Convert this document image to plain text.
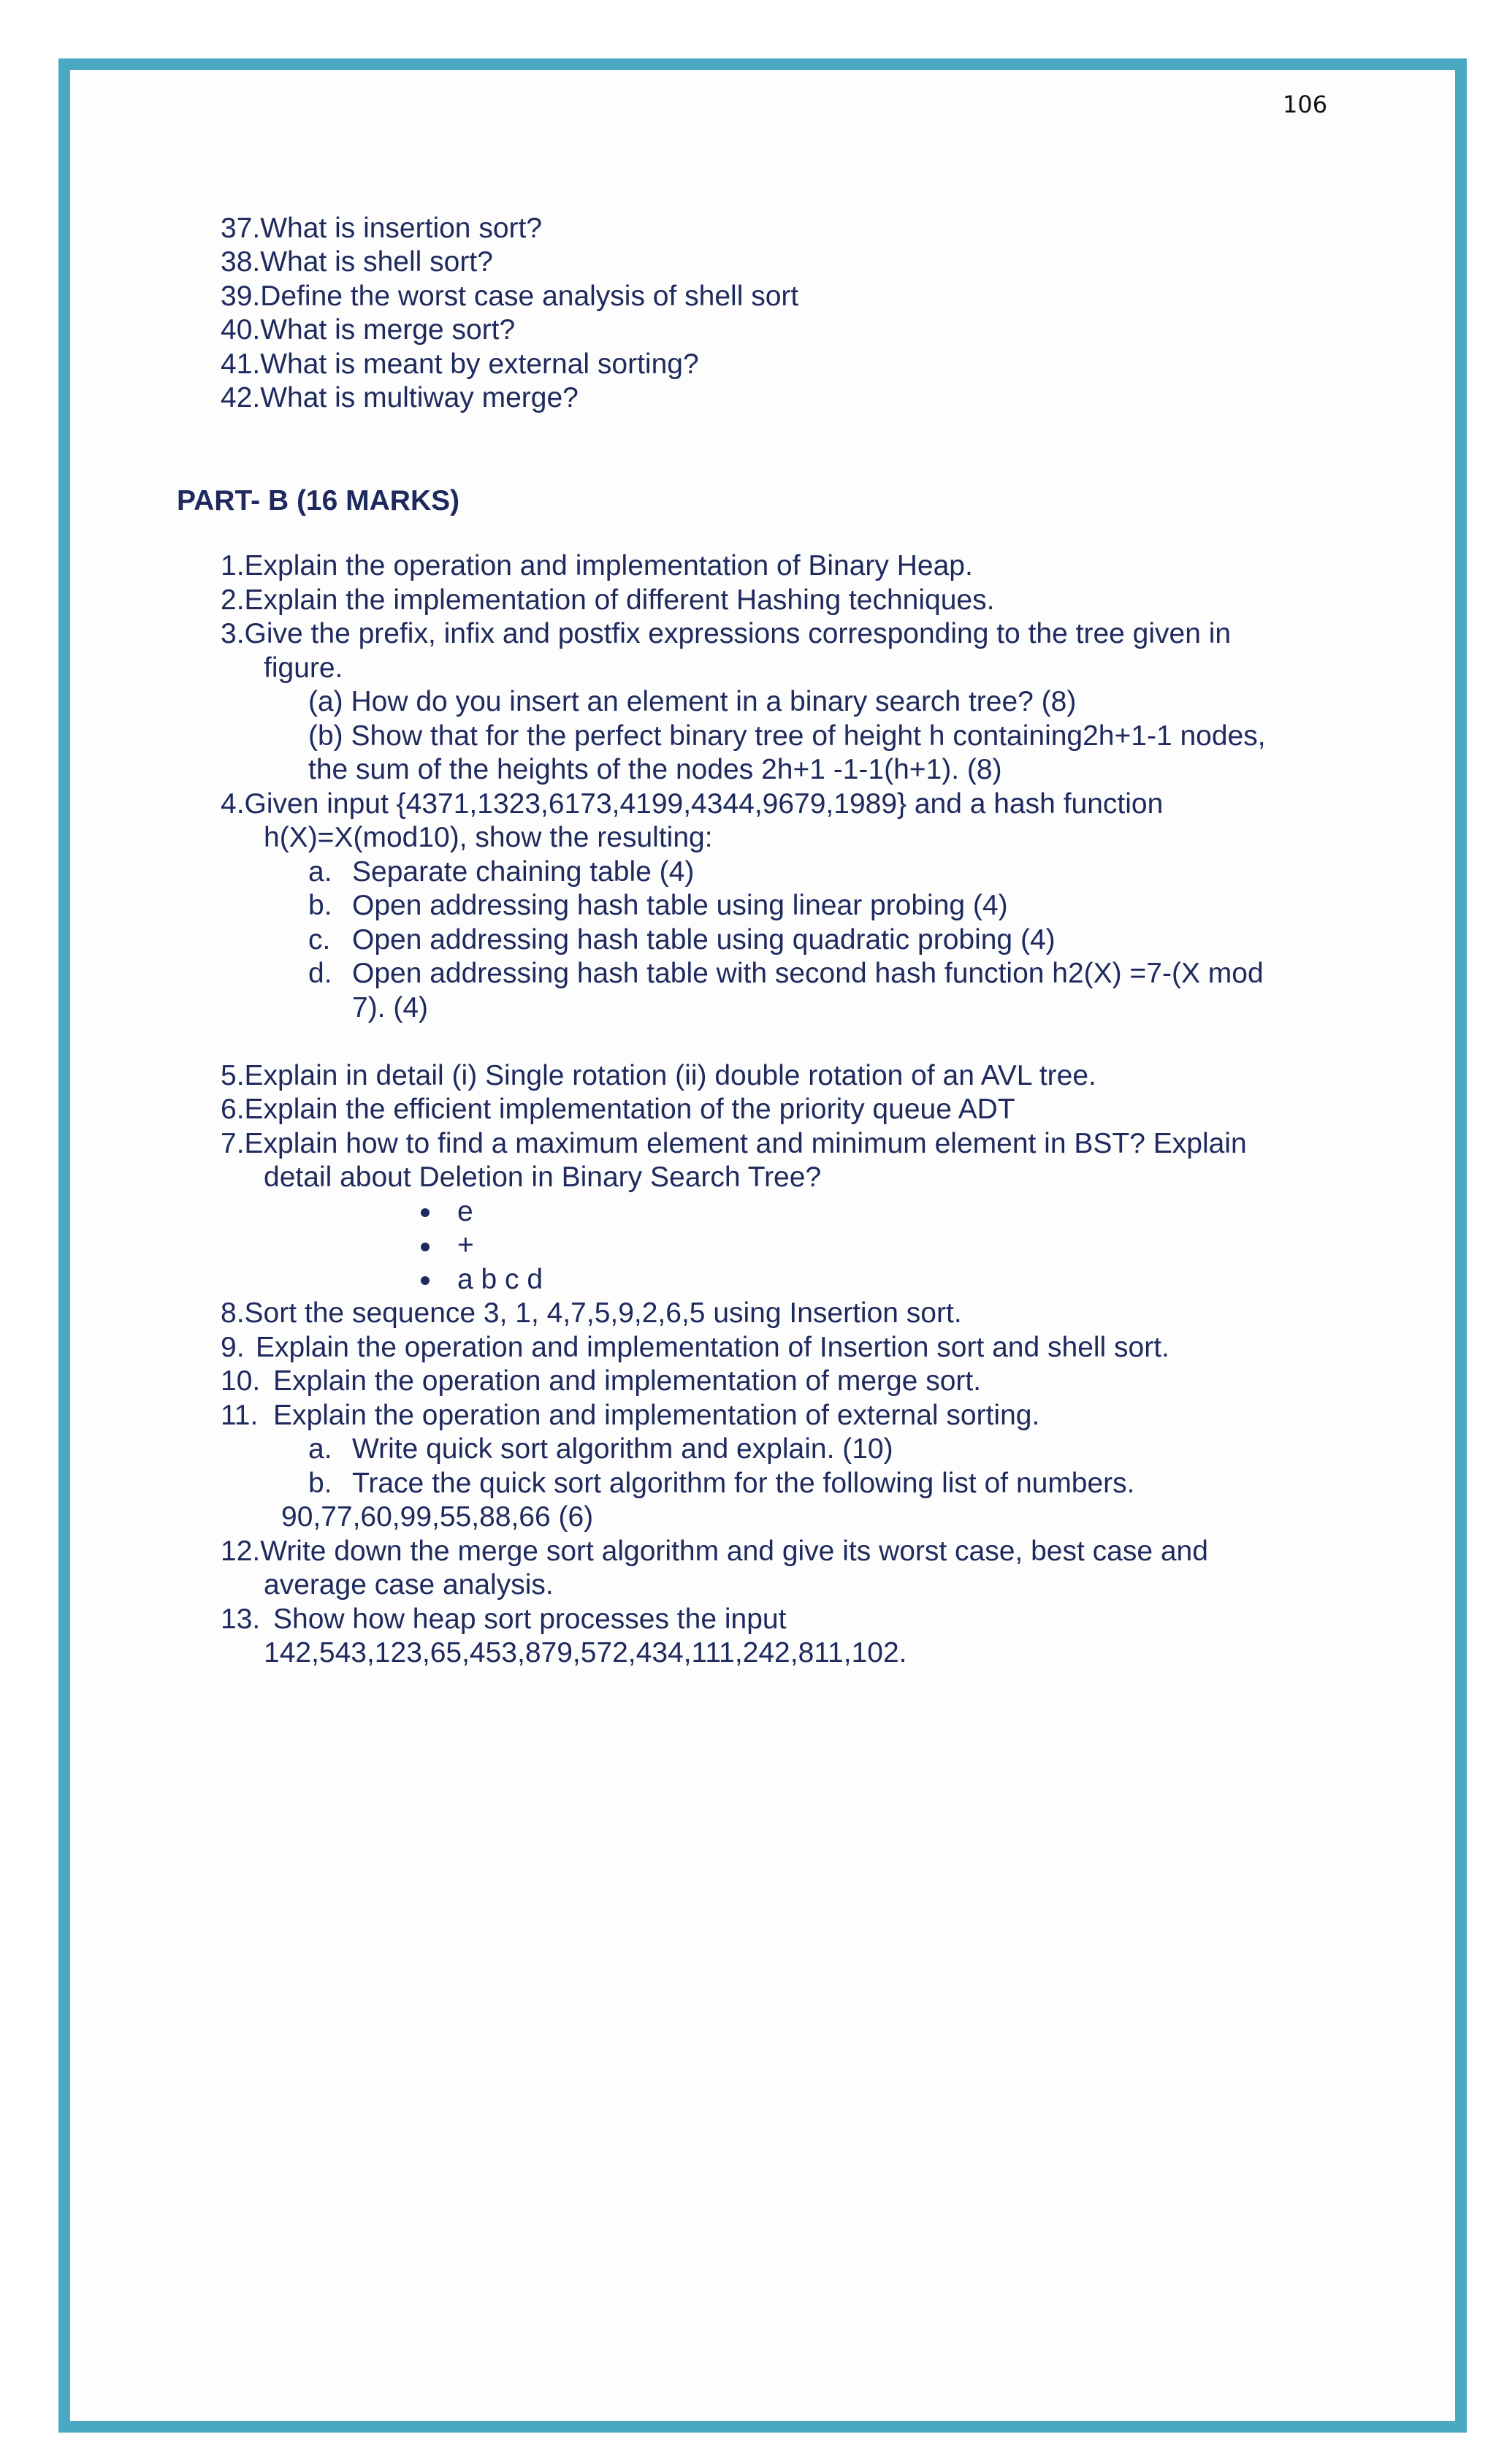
106
37.What is insertion sort?
38.What is shell sort?
39.Define the worst case analysis of shell sort
40.What is merge sort?
41.What is meant by external sorting?
42.What is multiway merge?
PART- B (16 MARKS)
1.Explain the operation and implementation of Binary Heap.
2.Explain the implementation of different Hashing techniques.
3.Give the prefix, infix and postfix expressions corresponding to the tree given in
figure.
(a) How do you insert an element in a binary search tree? (8)
(b) Show that for the perfect binary tree of height h containing2h+1-1 nodes,
the sum of the heights of the nodes 2h+1 -1-1(h+1). (8)
4.Given input {4371,1323,6173,4199,4344,9679,1989} and a hash function
h(X)=X(mod10), show the resulting:
a. Separate chaining table (4)
b. Open addressing hash table using linear probing (4)
c. Open addressing hash table using quadratic probing (4)
d. Open addressing hash table with second hash function h2(X) =7-(X mod
7). (4)
5.Explain in detail (i) Single rotation (ii) double rotation of an AVL tree.
6.Explain the efficient implementation of the priority queue ADT
7.Explain how to find a maximum element and minimum element in BST? Explain
detail about Deletion in Binary Search Tree?
e
+
a b c d
8.Sort the sequence 3, 1, 4,7,5,9,2,6,5 using Insertion sort.
9. Explain the operation and implementation of Insertion sort and shell sort.
10. Explain the operation and implementation of merge sort.
11. Explain the operation and implementation of external sorting.
a. Write quick sort algorithm and explain. (10)
b. Trace the quick sort algorithm for the following list of numbers.
90,77,60,99,55,88,66 (6)
12.Write down the merge sort algorithm and give its worst case, best case and
average case analysis.
13. Show how heap sort processes the input
142,543,123,65,453,879,572,434,111,242,811,102.
